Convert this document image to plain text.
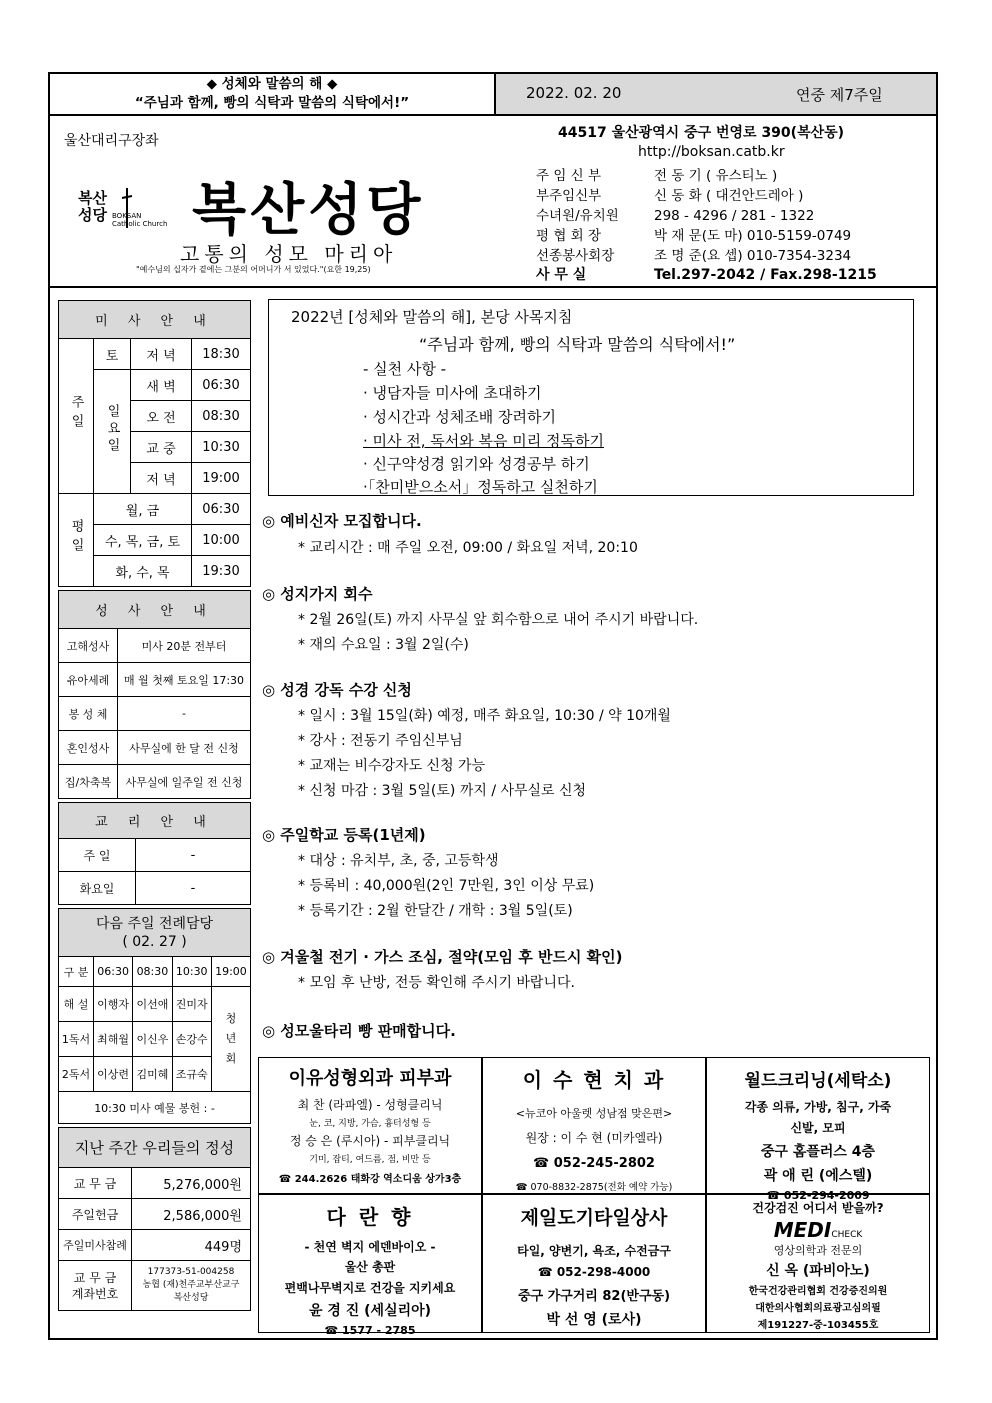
◆ 성체와 말씀의 해 ◆
“주님과 함께, 빵의 식탁과 말씀의 식탁에서!”
2022. 02. 20	연중 제7주일
울산대리구장좌
복산
성당 BOKSAN
Catholic Church 복산성당
고통의 성모 마리아
"예수님의 십자가 곁에는 그분의 어머니가 서 있었다."(요한 19,25)
44517 울산광역시 중구 번영로 390(복산동)
http://boksan.catb.kr
주 임 신 부	전 동 기 ( 유스티노 )
부주임신부	신 동 화 ( 대건안드레아 )
수녀원/유치원	298 - 4296 / 281 - 1322
평 협 회 장	박 재 문(도 마) 010-5159-0749
선종봉사회장	조 명 준(요 셉) 010-7354-3234
사 무 실	Tel.297-2042 / Fax.298-1215
미 사 안 내			
주일	토	저 녁	18:30
	일요일	새 벽	06:30
		오 전	08:30
		교 중	10:30
		저 녁	19:00
평일	월, 금		06:30
	수, 목, 금, 토		10:00
	화, 수, 목		19:30
성 사 안 내	
고해성사	미사 20분 전부터
유아세례	매 월 첫째 토요일 17:30
봉 성 체	-
혼인성사	사무실에 한 달 전 신청
집/차축복	사무실에 일주일 전 신청
교 리 안 내	
주 일	-
화요일	-
다음 주일 전례담당
( 02. 27 )				

구 분	06:30	08:30	10:30	19:00
해 설	이행자	이선애	진미자	청
년
회
1독서	최해월	이신우	손강수	
2독서	이상련	김미혜	조규숙	
10:30 미사 예물 봉헌 : -				
지난 주간 우리들의 정성	
교 무 금	5,276,000원
주일헌금	2,586,000원
주일미사참례	449명
교 무 금
계좌번호	177373-51-004258
농협 (재)천주교부산교구
복산성당
2022년 [성체와 말씀의 해], 본당 사목지침
“주님과 함께, 빵의 식탁과 말씀의 식탁에서!”
- 실천 사항 -
· 냉담자들 미사에 초대하기
· 성시간과 성체조배 장려하기
· 미사 전, 독서와 복음 미리 정독하기
· 신구약성경 읽기와 성경공부 하기
·「찬미받으소서」정독하고 실천하기
◎ 예비신자 모집합니다.
* 교리시간 : 매 주일 오전, 09:00 / 화요일 저녁, 20:10
◎ 성지가지 회수
* 2월 26일(토) 까지 사무실 앞 회수함으로 내어 주시기 바랍니다.
* 재의 수요일 : 3월 2일(수)
◎ 성경 강독 수강 신청
* 일시 : 3월 15일(화) 예정, 매주 화요일, 10:30 / 약 10개월
* 강사 : 전동기 주임신부님
* 교재는 비수강자도 신청 가능
* 신청 마감 : 3월 5일(토) 까지 / 사무실로 신청
◎ 주일학교 등록(1년제)
* 대상 : 유치부, 초, 중, 고등학생
* 등록비 : 40,000원(2인 7만원, 3인 이상 무료)
* 등록기간 : 2월 한달간 / 개학 : 3월 5일(토)
◎ 겨울철 전기 · 가스 조심, 절약(모임 후 반드시 확인)
* 모임 후 난방, 전등 확인해 주시기 바랍니다.
◎ 성모울타리 빵 판매합니다.
이유성형외과 피부과
최 찬 (라파엘) - 성형클리닉
눈, 코, 지방, 가슴, 흉터성형 등
정 승 은 (루시아) - 피부클리닉
기미, 잡티, 여드름, 점, 비만 등
☎ 244.2626 태화강 역소디움 상가3층
이 수 현 치 과
<뉴코아 아울렛 성남점 맞은편>
원장 : 이 수 현 (미카엘라)
☎ 052-245-2802
☎ 070-8832-2875(전화 예약 가능)
월드크리닝(세탁소)
각종 의류, 가방, 침구, 가죽
신발, 모피
중구 홈플러스 4층
곽 애 린 (에스텔)
☎ 052-294-2009
다 란 향
- 천연 벽지 에덴바이오 -
울산 총판
편백나무벽지로 건강을 지키세요
윤 경 진 (세실리아)
☎ 1577 - 2785
제일도기타일상사
타일, 양변기, 욕조, 수전금구
☎ 052-298-4000
중구 가구거리 82(반구동)
박 선 영 (로사)
건강검진 어디서 받을까?
MEDICHECK
영상의학과 전문의
신 옥 (파비아노)
한국건강관리협회 건강증진의원
대한의사협회의료광고심의필
제191227-중-103455호
